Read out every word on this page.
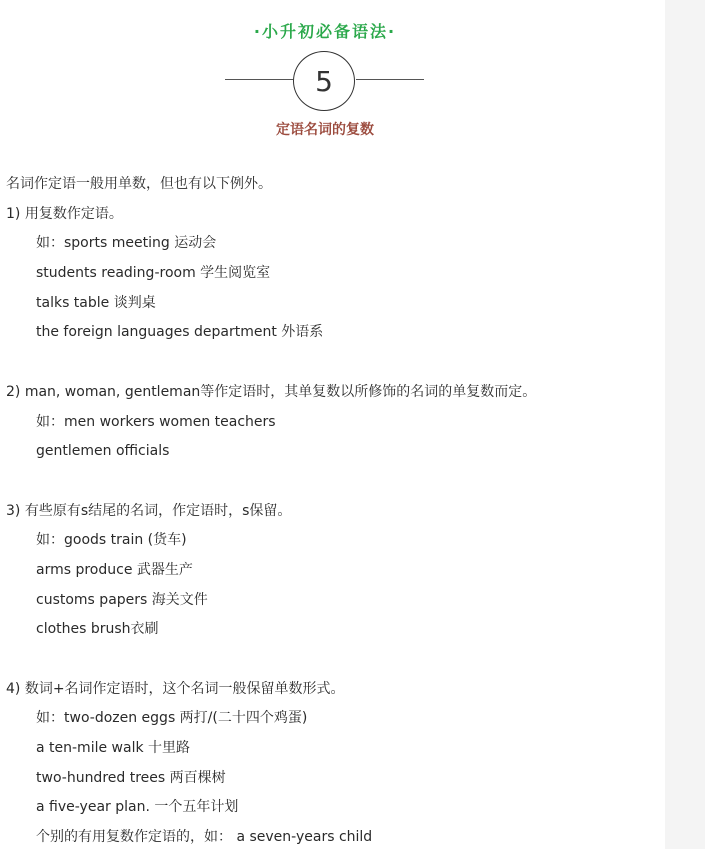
·小升初必备语法·
5
定语名词的复数
名词作定语一般用单数，但也有以下例外。
1) 用复数作定语。
如：sports meeting 运动会
students reading-room 学生阅览室
talks table 谈判桌
the foreign languages department 外语系
2) man, woman, gentleman等作定语时，其单复数以所修饰的名词的单复数而定。
如：men workers women teachers
gentlemen officials
3) 有些原有s结尾的名词，作定语时，s保留。
如：goods train (货车)
arms produce 武器生产
customs papers 海关文件
clothes brush衣刷
4) 数词+名词作定语时，这个名词一般保留单数形式。
如：two-dozen eggs 两打/(二十四个鸡蛋)
a ten-mile walk 十里路
two-hundred trees 两百棵树
a five-year plan. 一个五年计划
个别的有用复数作定语的，如： a seven-years child
